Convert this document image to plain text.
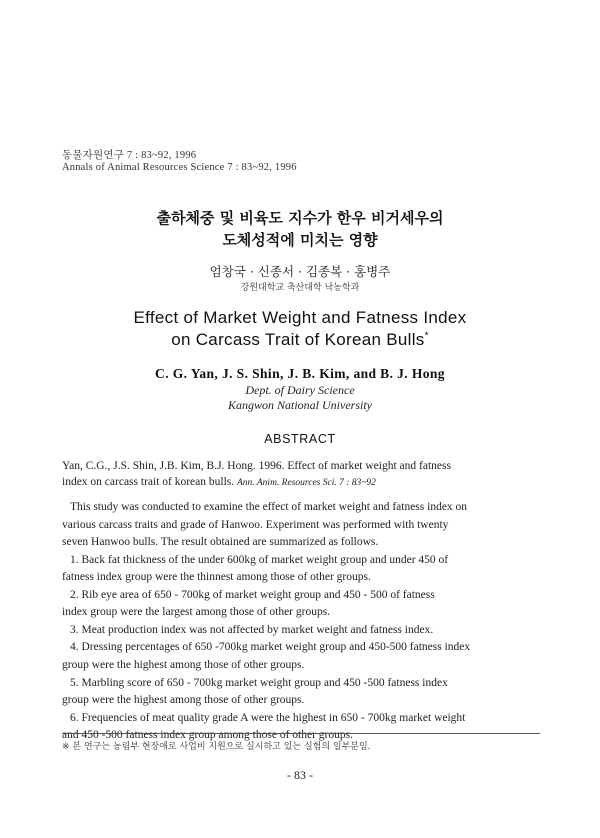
동물자원연구 7 : 83~92, 1996
Annals of Animal Resources Science 7 : 83~92, 1996
출하체중 및 비육도 지수가 한우 비거세우의
도체성적에 미치는 영향
엄창국 · 신종서 · 김종복 · 홍병주
강원대학교 축산대학 낙농학과
Effect of Market Weight and Fatness Index
on Carcass Trait of Korean Bulls*
C. G. Yan, J. S. Shin, J. B. Kim, and B. J. Hong
Dept. of Dairy Science
Kangwon National University
ABSTRACT
Yan, C.G., J.S. Shin, J.B. Kim, B.J. Hong. 1996. Effect of market weight and fatness
index on carcass trait of korean bulls. Ann. Anim. Resources Sci. 7 : 83~92
This study was conducted to examine the effect of market weight and fatness index on
various carcass traits and grade of Hanwoo. Experiment was performed with twenty
seven Hanwoo bulls. The result obtained are summarized as follows.
1. Back fat thickness of the under 600kg of market weight group and under 450 of
fatness index group were the thinnest among those of other groups.
2. Rib eye area of 650 - 700kg of market weight group and 450 - 500 of fatness
index group were the largest among those of other groups.
3. Meat production index was not affected by market weight and fatness index.
4. Dressing percentages of 650 -700kg market weight group and 450-500 fatness index
group were the highest among those of other groups.
5. Marbling score of 650 - 700kg market weight group and 450 -500 fatness index
group were the highest among those of other groups.
6. Frequencies of meat quality grade A were the highest in 650 - 700kg market weight
and 450 -500 fatness index group among those of other groups.
※ 본 연구는 농림부 현장애로 사업비 지원으로 실시하고 있는 실험의 일부분임.
- 83 -
